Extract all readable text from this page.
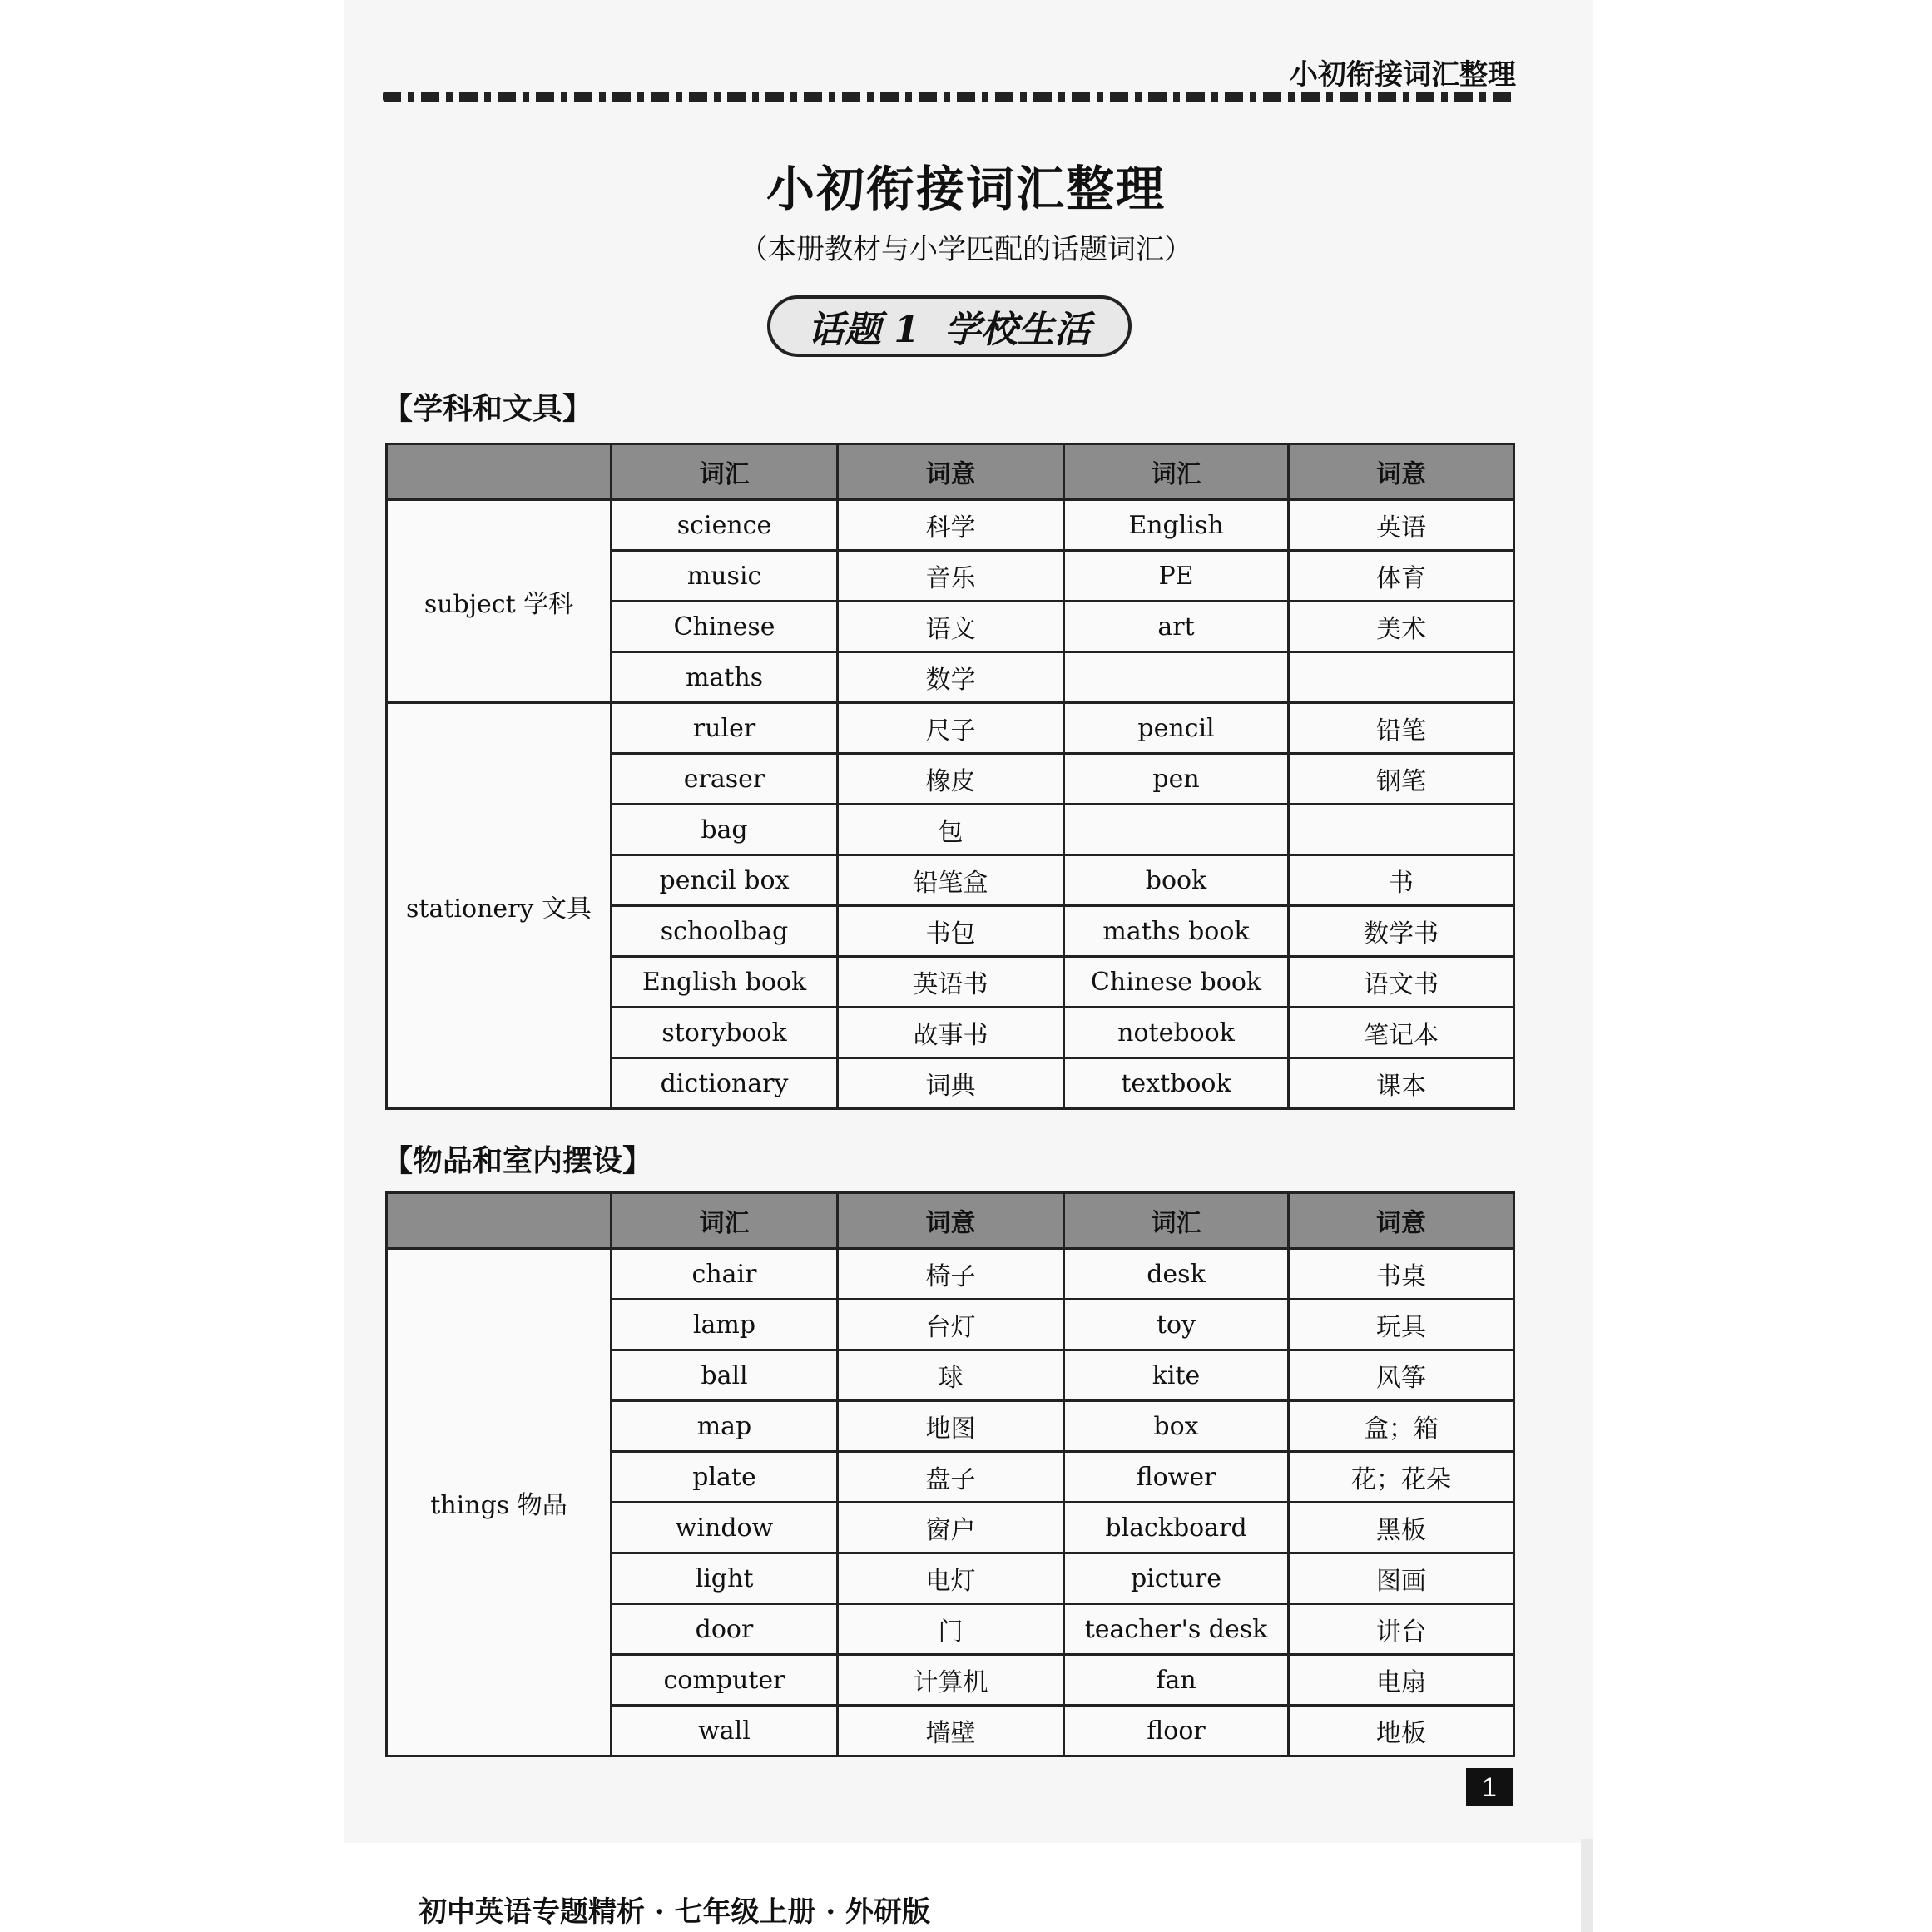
小初衔接词汇整理
小初衔接词汇整理
（本册教材与小学匹配的话题词汇）
话题 1 学校生活
【学科和文具】
	词汇	词意	词汇	词意
subject 学科	science	科学	English	英语
	music	音乐	PE	体育
	Chinese	语文	art	美术
	maths	数学		
stationery 文具	ruler	尺子	pencil	铅笔
	eraser	橡皮	pen	钢笔
	bag	包		
	pencil box	铅笔盒	book	书
	schoolbag	书包	maths book	数学书
	English book	英语书	Chinese book	语文书
	storybook	故事书	notebook	笔记本
	dictionary	词典	textbook	课本
【物品和室内摆设】
	词汇	词意	词汇	词意
things 物品	chair	椅子	desk	书桌
	lamp	台灯	toy	玩具
	ball	球	kite	风筝
	map	地图	box	盒；箱
	plate	盘子	flower	花；花朵
	window	窗户	blackboard	黑板
	light	电灯	picture	图画
	door	门	teacher's desk	讲台
	computer	计算机	fan	电扇
	wall	墙壁	floor	地板
1
初中英语专题精析 · 七年级上册 · 外研版
